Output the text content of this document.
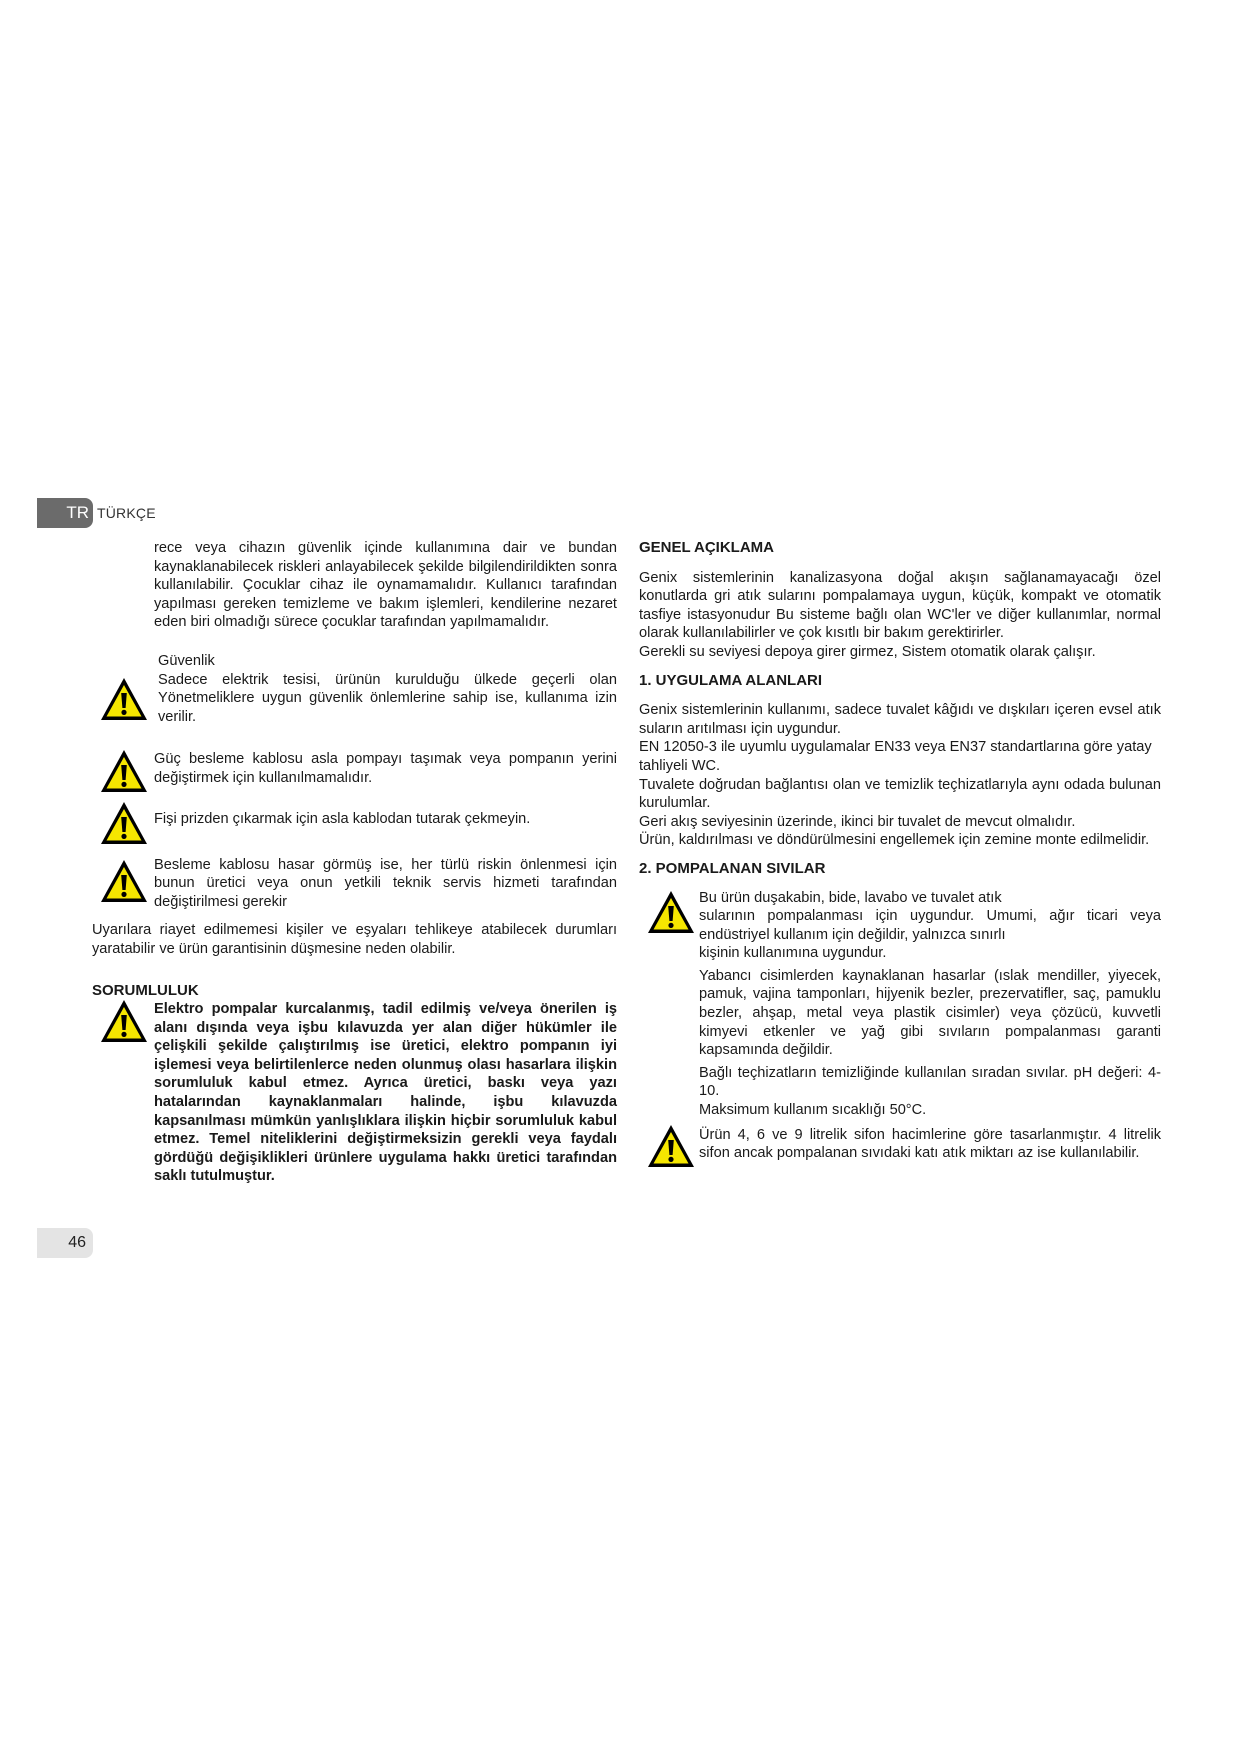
TR TÜRKÇE

rece veya cihazın güvenlik içinde kullanımına dair ve bundan kaynaklanabilecek riskleri anlayabilecek şekilde bilgilendirildikten sonra kullanılabilir. Çocuklar cihaz ile oynamamalıdır. Kullanıcı tarafından yapılması gereken temizleme ve bakım işlemleri, kendilerine nezaret eden biri olmadığı sürece çocuklar tarafından yapılmamalıdır.

Güvenlik

Sadece elektrik tesisi, ürünün kurulduğu ülkede geçerli olan Yönetmeliklere uygun güvenlik önlemlerine sahip ise, kullanıma izin verilir.

Güç besleme kablosu asla pompayı taşımak veya pompanın yerini değiştirmek için kullanılmamalıdır.

Fişi prizden çıkarmak için asla kablodan tutarak çekmeyin.

Besleme kablosu hasar görmüş ise, her türlü riskin önlenmesi için bunun üretici veya onun yetkili teknik servis hizmeti tarafından değiştirilmesi gerekir

Uyarılara riayet edilmemesi kişiler ve eşyaları tehlikeye atabilecek durumları yaratabilir ve ürün garantisinin düşmesine neden olabilir.

SORUMLULUK

Elektro pompalar kurcalanmış, tadil edilmiş ve/veya önerilen iş alanı dışında veya işbu kılavuzda yer alan diğer hükümler ile çelişkili şekilde çalıştırılmış ise üretici, elektro pompanın iyi işlemesi veya belirtilenlerce neden olunmuş olası hasarlara ilişkin sorumluluk kabul etmez. Ayrıca üretici, baskı veya yazı hatalarından kaynaklanmaları halinde, işbu kılavuzda kapsanılması mümkün yanlışlıklara ilişkin hiçbir sorumluluk kabul etmez. Temel niteliklerini değiştirmeksizin gerekli veya faydalı gördüğü değişiklikleri ürünlere uygulama hakkı üretici tarafından saklı tutulmuştur.

GENEL AÇIKLAMA

Genix sistemlerinin kanalizasyona doğal akışın sağlanamayacağı özel konutlarda gri atık sularını pompalamaya uygun, küçük, kompakt ve otomatik tasfiye istasyonudur Bu sisteme bağlı olan WC'ler ve diğer kullanımlar, normal olarak kullanılabilirler ve çok kısıtlı bir bakım gerektirirler.

Gerekli su seviyesi depoya girer girmez, Sistem otomatik olarak çalışır.

1. UYGULAMA ALANLARI

Genix sistemlerinin kullanımı, sadece tuvalet kâğıdı ve dışkıları içeren evsel atık suların arıtılması için uygundur.

EN 12050-3 ile uyumlu uygulamalar EN33 veya EN37 standartlarına göre yatay tahliyeli WC.

Tuvalete doğrudan bağlantısı olan ve temizlik teçhizatlarıyla aynı odada bulunan kurulumlar.

Geri akış seviyesinin üzerinde, ikinci bir tuvalet de mevcut olmalıdır.

Ürün, kaldırılması ve döndürülmesini engellemek için zemine monte edilmelidir.

2. POMPALANAN SIVILAR

Bu ürün duşakabin, bide, lavabo ve tuvalet atık

sularının pompalanması için uygundur. Umumi, ağır ticari veya endüstriyel kullanım için değildir, yalnızca sınırlı

kişinin kullanımına uygundur.

Yabancı cisimlerden kaynaklanan hasarlar (ıslak mendiller, yiyecek, pamuk, vajina tamponları, hijyenik bezler, prezervatifler, saç, pamuklu bezler, ahşap, metal veya plastik cisimler) veya çözücü, kuvvetli kimyevi etkenler ve yağ gibi sıvıların pompalanması garanti kapsamında değildir.

Bağlı teçhizatların temizliğinde kullanılan sıradan sıvılar. pH değeri: 4-10.

Maksimum kullanım sıcaklığı 50°C.

Ürün 4, 6 ve 9 litrelik sifon hacimlerine göre tasarlanmıştır. 4 litrelik sifon ancak pompalanan sıvıdaki katı atık miktarı az ise kullanılabilir.

46
